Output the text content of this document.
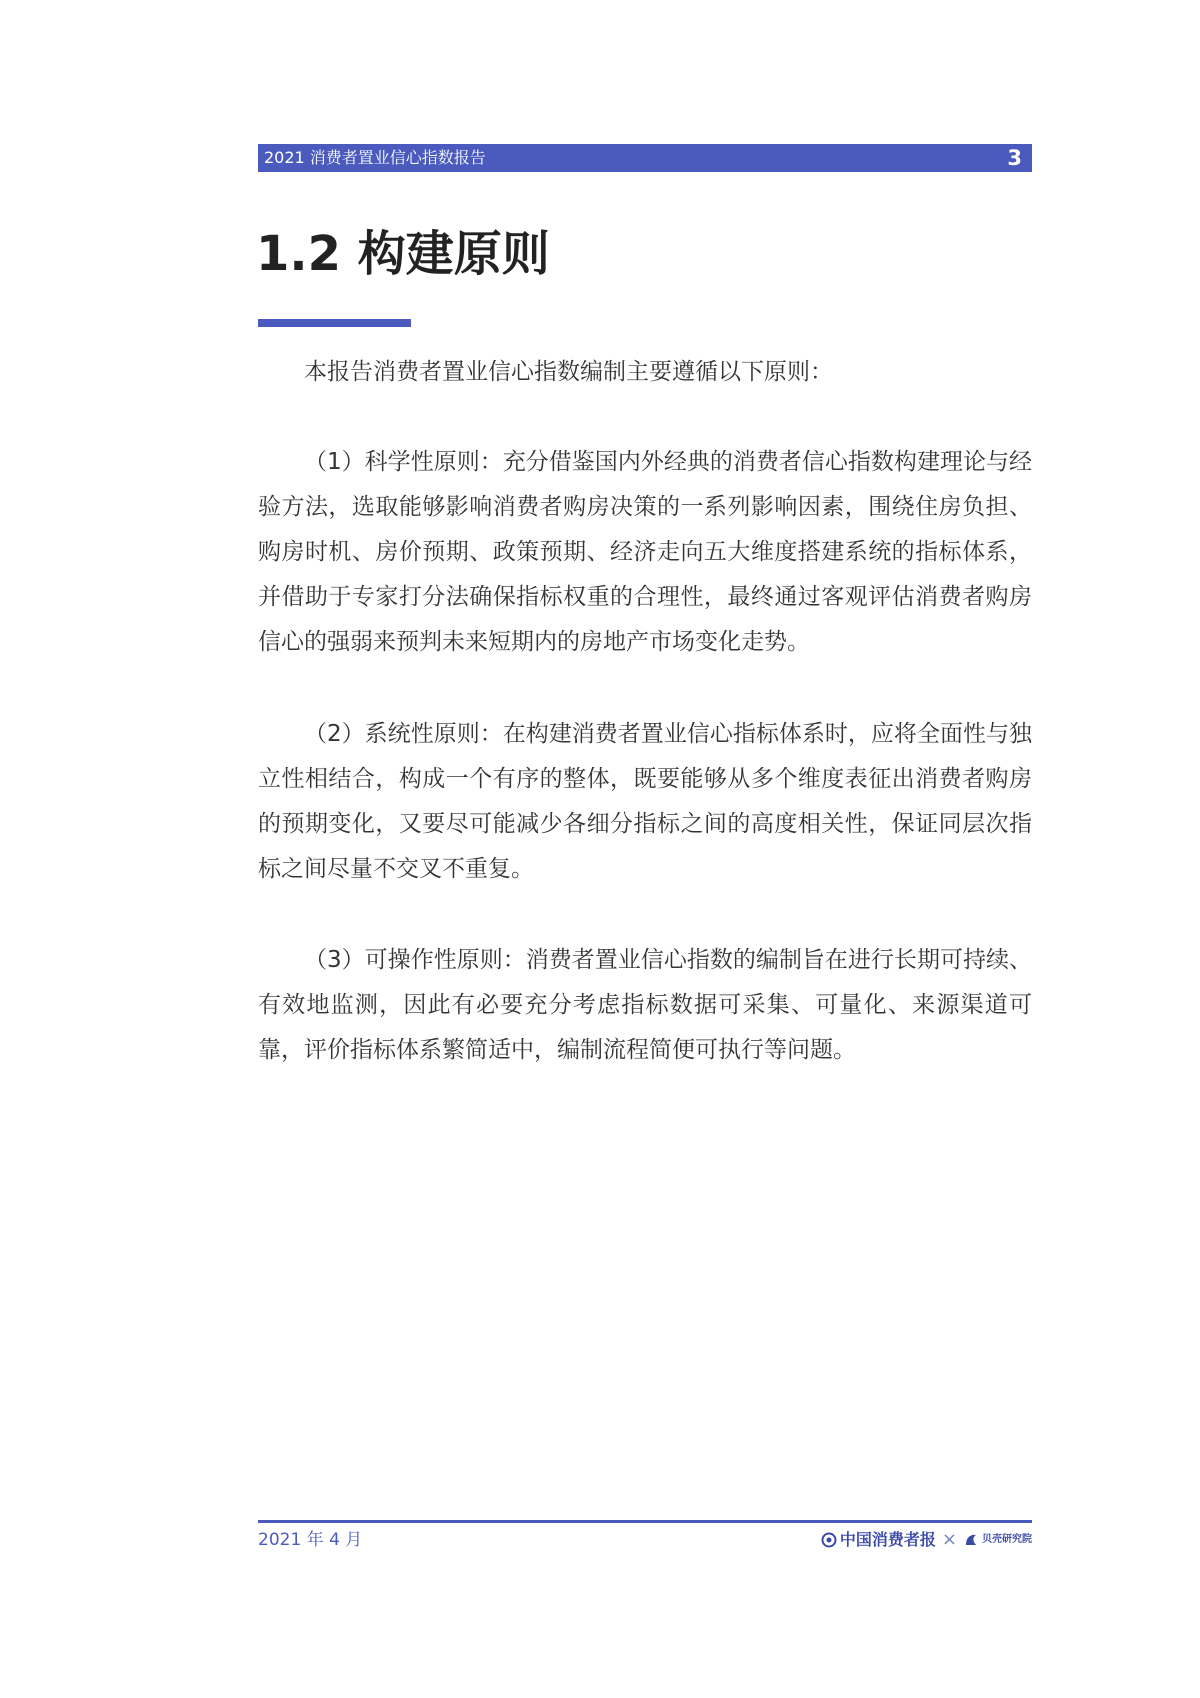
2021 消费者置业信心指数报告	3
1.2 构建原则

本报告消费者置业信心指数编制主要遵循以下原则：

（1）科学性原则：充分借鉴国内外经典的消费者信心指数构建理论与经验方法，选取能够影响消费者购房决策的一系列影响因素，围绕住房负担、购房时机、房价预期、政策预期、经济走向五大维度搭建系统的指标体系，并借助于专家打分法确保指标权重的合理性，最终通过客观评估消费者购房信心的强弱来预判未来短期内的房地产市场变化走势。

（2）系统性原则：在构建消费者置业信心指标体系时，应将全面性与独立性相结合，构成一个有序的整体，既要能够从多个维度表征出消费者购房的预期变化，又要尽可能减少各细分指标之间的高度相关性，保证同层次指标之间尽量不交叉不重复。

（3）可操作性原则：消费者置业信心指数的编制旨在进行长期可持续、有效地监测，因此有必要充分考虑指标数据可采集、可量化、来源渠道可靠，评价指标体系繁简适中，编制流程简便可执行等问题。

2021 年 4 月	中国消费者报 ×	贝壳研究院
